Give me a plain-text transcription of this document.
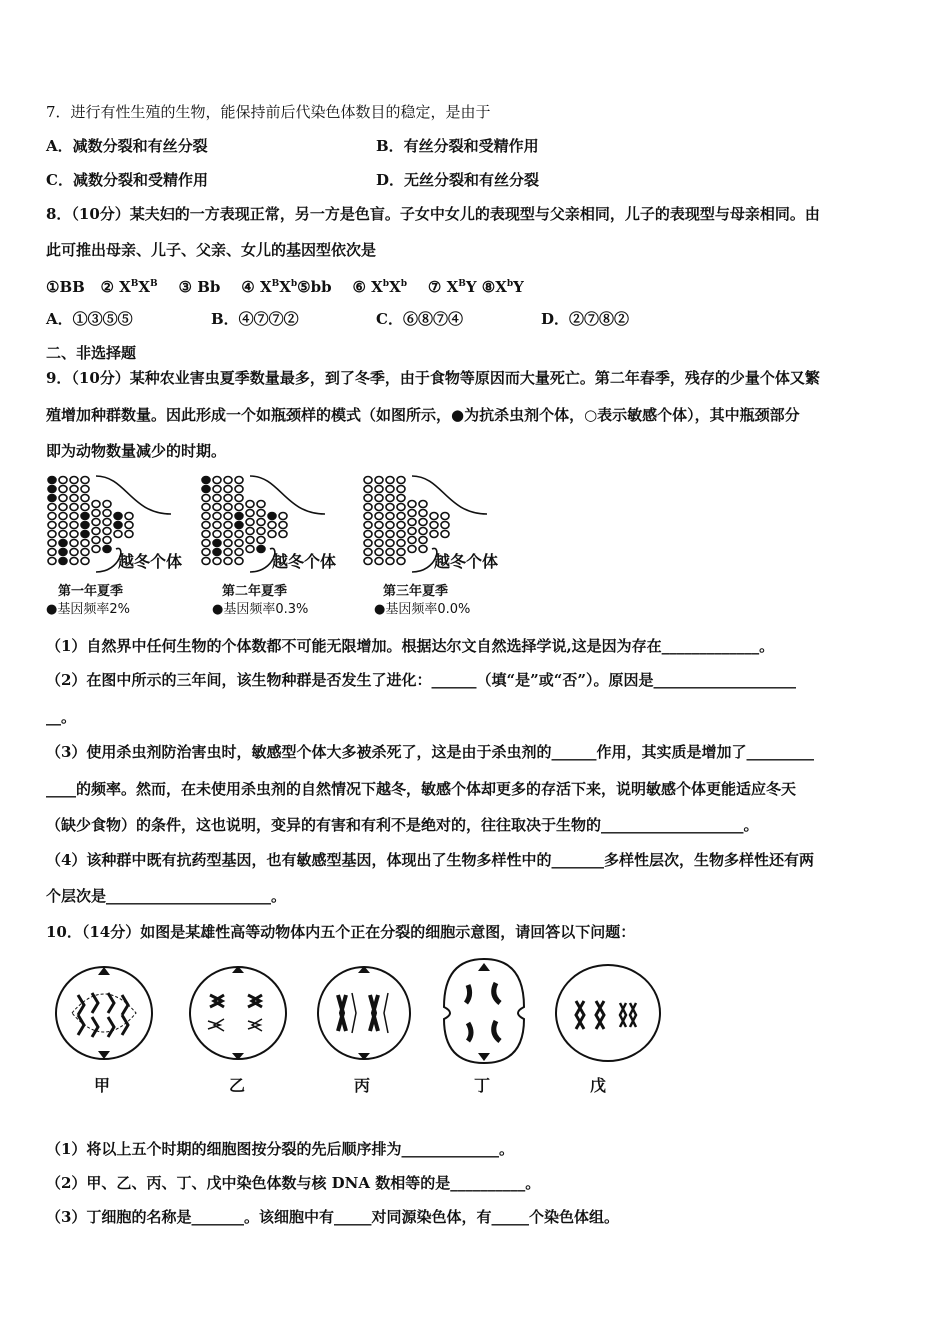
7．进行有性生殖的生物，能保持前后代染色体数目的稳定，是由于
A．减数分裂和有丝分裂	B．有丝分裂和受精作用
C．减数分裂和受精作用	D．无丝分裂和有丝分裂
8．（10分）某夫妇的一方表现正常，另一方是色盲。子女中女儿的表现型与父亲相同，儿子的表现型与母亲相同。由
此可推出母亲、儿子、父亲、女儿的基因型依次是
①BB ② $X^BX^B$ ③ Bb ④ $X^BX^b⑤bb$ ⑥ $X^bX^b$ ⑦ $X^BY$ $⑧X^bY$
A．①③⑤⑤	B．④⑦⑦②	C．⑥⑧⑦④	D．②⑦⑧②
二、非选择题
9．（10分）某种农业害虫夏季数量最多，到了冬季，由于食物等原因而大量死亡。第二年春季，残存的少量个体又繁
殖增加种群数量。因此形成一个如瓶颈样的模式（如图所示，●为抗杀虫剂个体，○表示敏感个体），其中瓶颈部分
即为动物数量减少的时期。
越冬个体
第一年夏季
●基因频率2%
越冬个体
第二年夏季
●基因频率0.3%
越冬个体
第三年夏季
●基因频率0.0%
（1）自然界中任何生物的个体数都不可能无限增加。根据达尔文自然选择学说,这是因为存在_____________。
（2）在图中所示的三年间，该生物种群是否发生了进化：______（填“是”或“否”）。原因是___________________
__。
（3）使用杀虫剂防治害虫时，敏感型个体大多被杀死了，这是由于杀虫剂的______作用，其实质是增加了_________
____的频率。然而，在未使用杀虫剂的自然情况下越冬，敏感个体却更多的存活下来，说明敏感个体更能适应冬天
（缺少食物）的条件，这也说明，变异的有害和有利不是绝对的，往往取决于生物的___________________。
（4）该种群中既有抗药型基因，也有敏感型基因，体现出了生物多样性中的_______多样性层次，生物多样性还有两
个层次是______________________。
10．（14分）如图是某雄性高等动物体内五个正在分裂的细胞示意图，请回答以下问题：
甲	乙	丙	丁	戊
（1）将以上五个时期的细胞图按分裂的先后顺序排为_____________。
（2）甲、乙、丙、丁、戊中染色体数与核 DNA 数相等的是__________。
（3）丁细胞的名称是_______。该细胞中有_____对同源染色体，有_____个染色体组。
